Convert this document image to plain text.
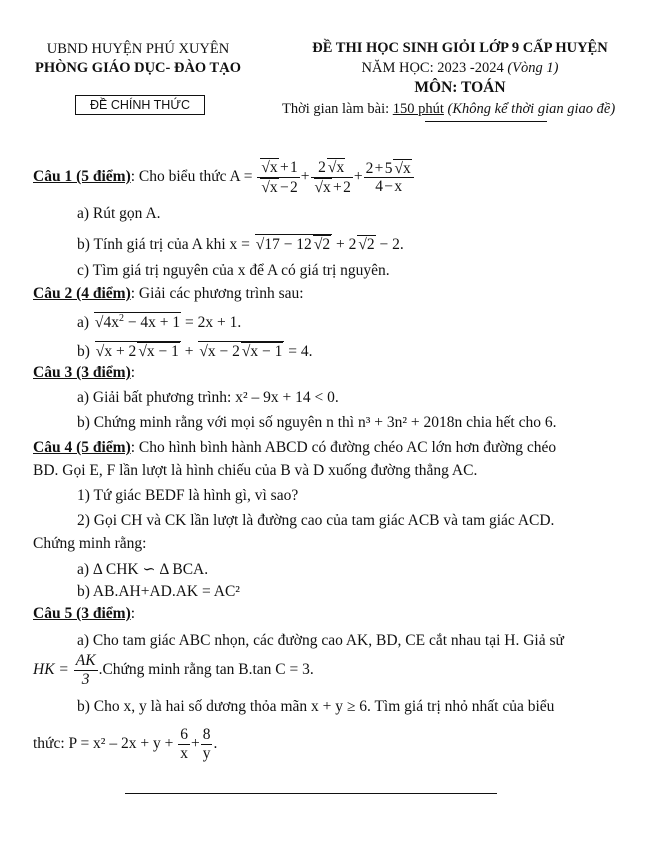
UBND HUYỆN PHÚ XUYÊN
PHÒNG GIÁO DỤC- ĐÀO TẠO
ĐỀ CHÍNH THỨC
ĐỀ THI HỌC SINH GIỎI LỚP 9 CẤP HUYỆN
NĂM HỌC: 2023 -2024 (Vòng 1)
MÔN: TOÁN
Thời gian làm bài: 150 phút (Không kể thời gian giao đề)
Câu 1 (5 điểm): Cho biểu thức A = √ x + 1
√ x − 2 + 2 √ x
√ x + $2 + \frac{2 + 5 √ x}{4 - x}$
a) Rút gọn A.
b) Tính giá trị của A khi x = √ 17 − 12 √ 2 + 2 √ 2 − 2.
c) Tìm giá trị nguyên của x để A có giá trị nguyên.
Câu 2 (4 điểm): Giải các phương trình sau:
a) √ $4x^2 - 4x + 1 = 2x + 1$.
b) √ x + 2 √ x − 1 + √ x − 2 √ x − 1 = 4.
Câu 3 (3 điểm):
a) Giải bất phương trình: x² – 9x + 14 < 0.
b) Chứng minh rằng với mọi số nguyên n thì n³ + 3n² + 2018n chia hết cho 6.
Câu 4 (5 điểm): Cho hình bình hành ABCD có đường chéo AC lớn hơn đường chéo
BD. Gọi E, F lần lượt là hình chiếu của B và D xuống đường thẳng AC.
1) Tứ giác BEDF là hình gì, vì sao?
2) Gọi CH và CK lần lượt là đường cao của tam giác ACB và tam giác ACD.
Chứng minh rằng:
a) Δ CHK ∽ Δ BCA.
b) AB.AH+AD.AK = AC²
Câu 5 (3 điểm):
a) Cho tam giác ABC nhọn, các đường cao AK, BD, CE cắt nhau tại H. Giả sử
HK = $\frac{AK}{3}$ .Chứng minh rằng tan B.tan C = 3.
b) Cho x, y là hai số dương thỏa mãn x + y ≥ 6. Tìm giá trị nhỏ nhất của biểu
thức: $P = x^2 - 2x + y + \frac{6}{x} + \frac{8}{y}$ .
